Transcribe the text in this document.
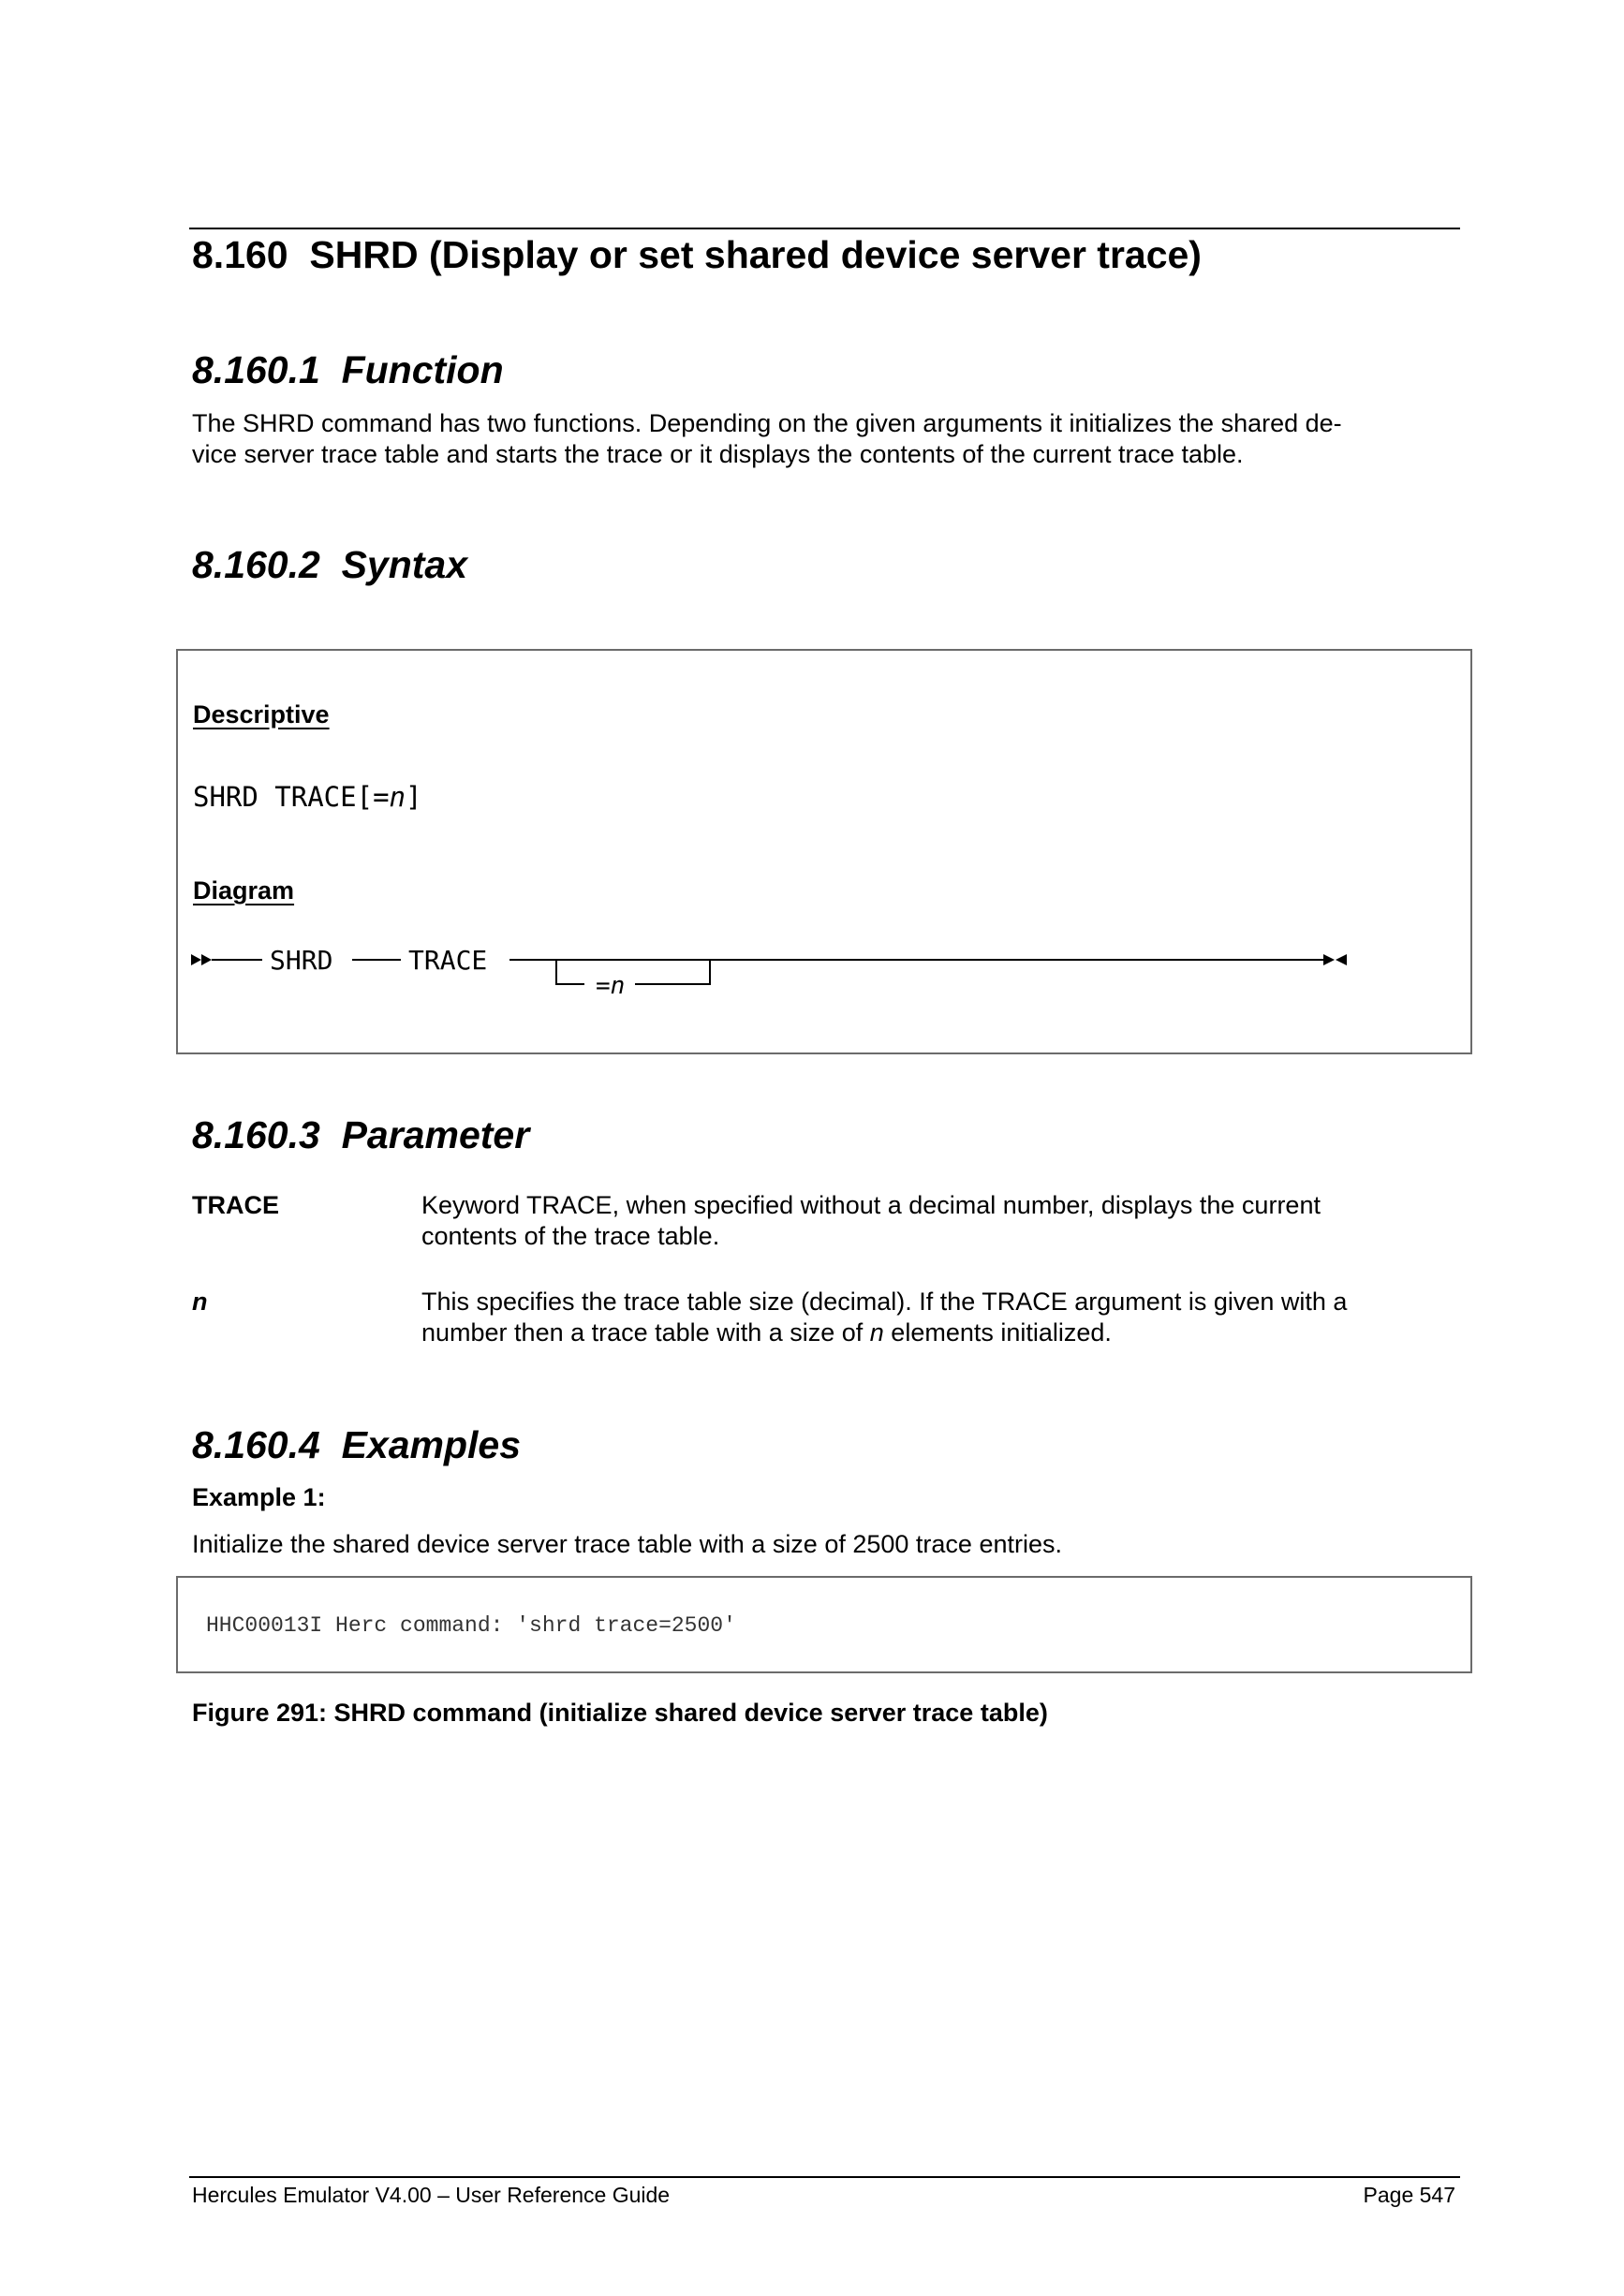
8.160 SHRD (Display or set shared device server trace)
8.160.1  Function
The SHRD command has two functions. Depending on the given arguments it initializes the shared de-
vice server trace table and starts the trace or it displays the contents of the current trace table.
8.160.2  Syntax
Descriptive
SHRD TRACE[=n]
Diagram
SHRD	TRACE
=n
8.160.3  Parameter
TRACE	Keyword TRACE, when specified without a decimal number, displays the current
contents of the trace table.
n	This specifies the trace table size (decimal). If the TRACE argument is given with a
number then a trace table with a size of n elements initialized.
8.160.4  Examples
Example 1:
Initialize the shared device server trace table with a size of 2500 trace entries.
HHC00013I Herc command: 'shrd trace=2500'
Figure 291: SHRD command (initialize shared device server trace table)
Hercules Emulator V4.00 – User Reference Guide	Page 547
